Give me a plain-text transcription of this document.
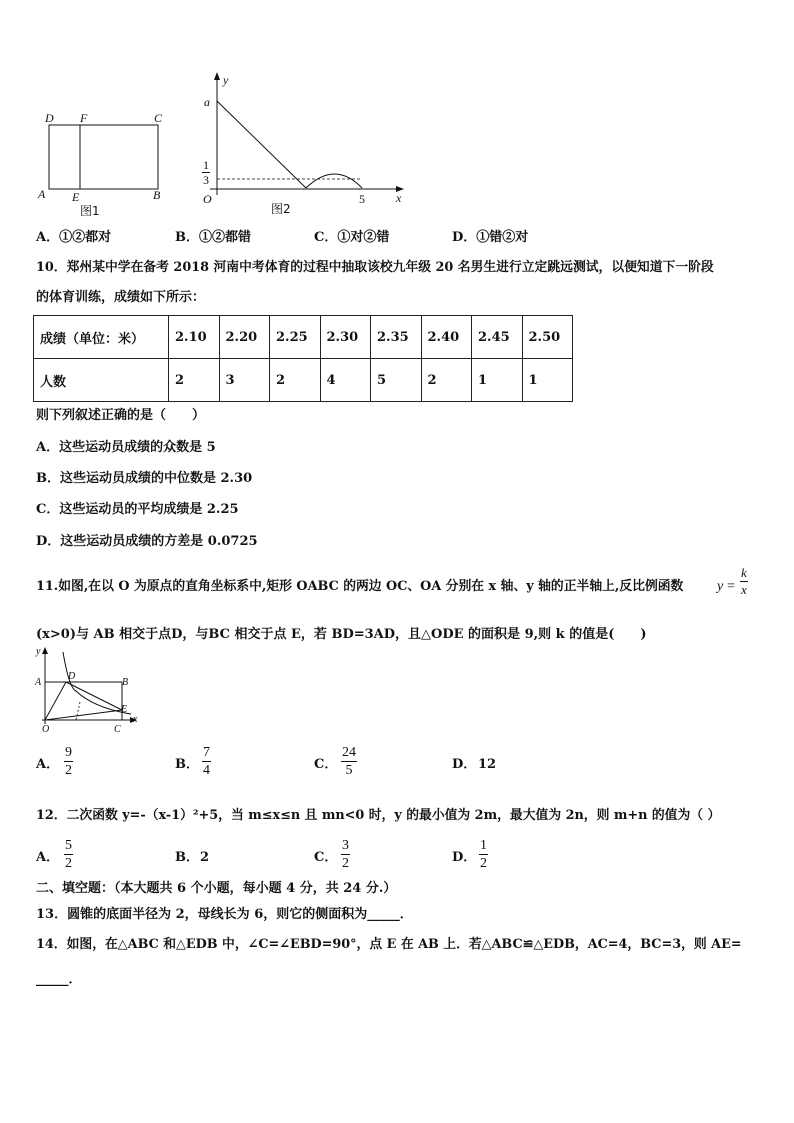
D F	C
A E	B
图1
y
a
1
3
O	5	x
图2
A．①②都对	B．①②都错	C．①对②错	D．①错②对
10．郑州某中学在备考 2018 河南中考体育的过程中抽取该校九年级 20 名男生进行立定跳远测试，以便知道下一阶段
的体育训练，成绩如下所示：
成绩（单位：米）	2.10	2.20	2.25	2.30	2.35	2.40	2.45	2.50
人数	2	3	2	4	5	2	1	1
则下列叙述正确的是（　　）
A．这些运动员成绩的众数是 5
B．这些运动员成绩的中位数是 2.30
C．这些运动员的平均成绩是 2.25
D．这些运动员成绩的方差是 0.0725
11.如图,在以 O 为原点的直角坐标系中,矩形 OABC 的两边 OC、OA 分别在 x 轴、y 轴的正半轴上,反比例函数 y =
k
x
(x>0)与 AB 相交于点D，与BC 相交于点 E，若 BD=3AD，且△ODE 的面积是 9,则 k 的值是(　　)
y
A
D
B
E
O	C
x
A．
9
2	B．
7
4	C．
24
5	D． 12
12．二次函数 y=-（x-1）²+5，当 m≤x≤n 且 mn<0 时，y 的最小值为 2m，最大值为 2n，则 m+n 的值为（ ）
A．
5
2	B． 2	C．
3
2	D．
1
2
二、填空题：（本大题共 6 个小题，每小题 4 分，共 24 分.）
13．圆锥的底面半径为 2，母线长为 6，则它的侧面积为_____．
14．如图，在△ABC 和△EDB 中，∠C=∠EBD=90°，点 E 在 AB 上．若△ABC≌△EDB，AC=4，BC=3，则 AE=
_____．
